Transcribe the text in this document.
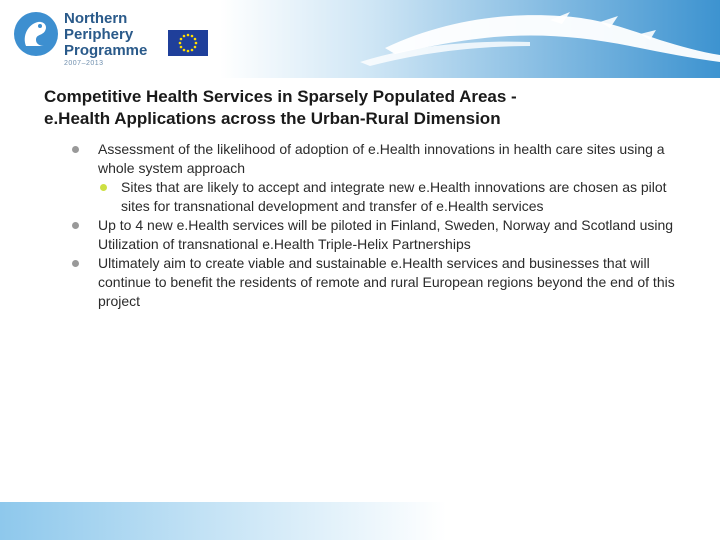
Northern
Periphery
Programme
2007–2013
Competitive Health Services in Sparsely Populated Areas -
e.Health Applications across the Urban-Rural Dimension
Assessment of the likelihood of adoption of e.Health innovations in health care sites using a whole system approach
Sites that are likely to accept and integrate new e.Health innovations are chosen as pilot sites for transnational development and transfer of e.Health services
Up to 4 new e.Health services will be piloted in Finland, Sweden, Norway and Scotland using Utilization of transnational e.Health Triple-Helix Partnerships
Ultimately aim to create viable and sustainable e.Health services and businesses that will continue to benefit the residents of remote and rural European regions beyond the end of this project
